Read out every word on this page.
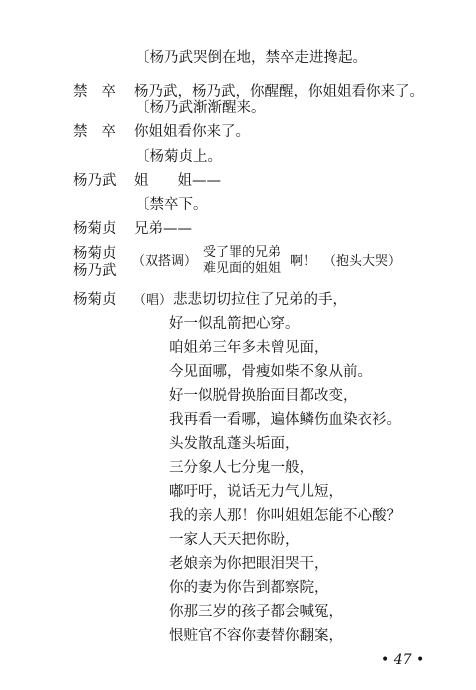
〔杨乃武哭倒在地，禁卒走进搀起。
禁卒 杨乃武，杨乃武，你醒醒，你姐姐看你来了。
〔杨乃武渐渐醒来。
禁卒 你姐姐看你来了。
〔杨菊贞上。
杨乃武 姐　　姐——
〔禁卒下。
杨菊贞 兄弟——
杨菊贞
杨乃武
（双搭调）
受了罪的兄弟
难见面的姐姐 啊！ （抱头大哭）
杨菊贞 （唱） 悲悲切切拉住了兄弟的手，
好一似乱箭把心穿。
咱姐弟三年多未曾见面，
今见面哪，骨瘦如柴不象从前。
好一似脱骨换胎面目都改变，
我再看一看哪，遍体鳞伤血染衣衫。
头发散乱蓬头垢面，
三分象人七分鬼一般，
嘟吁吁，说话无力气儿短，
我的亲人那！你叫姐姐怎能不心酸？
一家人天天把你盼，
老娘亲为你把眼泪哭干，
你的妻为你告到都察院，
你那三岁的孩子都会喊冤，
恨赃官不容你妻替你翻案，
• 47 •
